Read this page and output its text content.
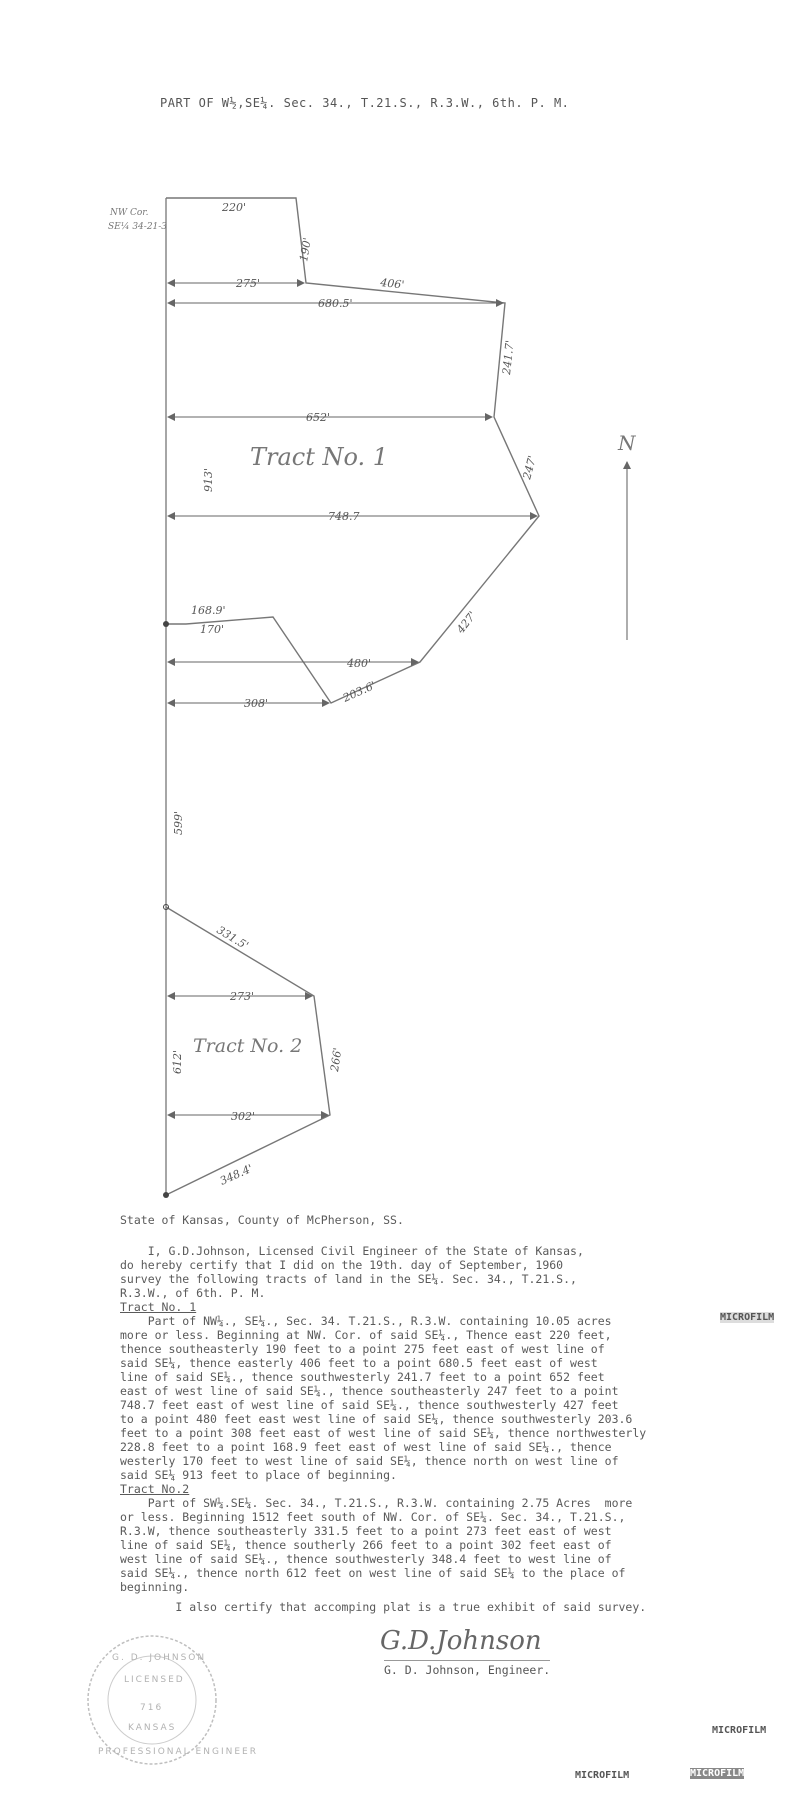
PART OF W½,SE¼. Sec. 34., T.21.S., R.3.W., 6th. P. M.
NW Cor.
SE¼ 34-21-3
N
Tract No. 1
Tract No. 2
220'
190'
275'	406'
680.5'
241.7'
652'
913'	247'
748.7
427'
168.9'
170'
480'
308'	203.6'
599'
331.5'
273'
266'
612'
302'
348.4'
G. D. JOHNSON
LICENSED
716
KANSAS
PROFESSIONAL ENGINEER
State of Kansas, County of McPherson, SS.
I, G.D.Johnson, Licensed Civil Engineer of the State of Kansas,
do hereby certify that I did on the 19th. day of September, 1960
survey the following tracts of land in the SE¼. Sec. 34., T.21.S.,
R.3.W., of 6th. P. M.
Tract No. 1
Part of NW¼., SE¼., Sec. 34. T.21.S., R.3.W. containing 10.05 acres
more or less. Beginning at NW. Cor. of said SE¼., Thence east 220 feet,
thence southeasterly 190 feet to a point 275 feet east of west line of
said SE¼, thence easterly 406 feet to a point 680.5 feet east of west
line of said SE¼., thence southwesterly 241.7 feet to a point 652 feet
east of west line of said SE¼., thence southeasterly 247 feet to a point
748.7 feet east of west line of said SE¼., thence southwesterly 427 feet
to a point 480 feet east west line of said SE¼, thence southwesterly 203.6
feet to a point 308 feet east of west line of said SE¼, thence northwesterly
228.8 feet to a point 168.9 feet east of west line of said SE¼., thence
westerly 170 feet to west line of said SE¼, thence north on west line of
said SE¼ 913 feet to place of beginning.
Tract No.2
Part of SW¼.SE¼. Sec. 34., T.21.S., R.3.W. containing 2.75 Acres  more
or less. Beginning 1512 feet south of NW. Cor. of SE¼. Sec. 34., T.21.S.,
R.3.W, thence southeasterly 331.5 feet to a point 273 feet east of west
line of said SE¼, thence southerly 266 feet to a point 302 feet east of
west line of said SE¼., thence southwesterly 348.4 feet to west line of
said SE¼., thence north 612 feet on west line of said SE¼ to the place of
beginning.
I also certify that accomping plat is a true exhibit of said survey.
G.D.Johnson
G. D. Johnson, Engineer.
MICROFILM
MICROFILM
MICROFILM	MICROFILM
